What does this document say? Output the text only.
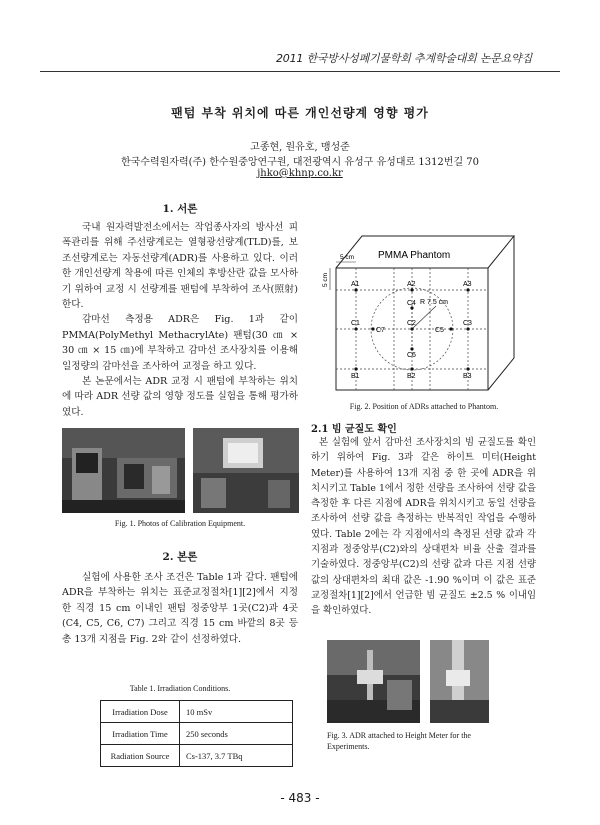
2011 한국방사성폐기물학회 추계학술대회 논문요약집
팬텀 부착 위치에 따른 개인선량계 영향 평가
고종현, 원유호, 맹성준
한국수력원자력(주) 한수원중앙연구원, 대전광역시 유성구 유성대로 1312번길 70
jhko@khnp.co.kr
1. 서론
국내 원자력발전소에서는 작업종사자의 방사선 피폭관리를 위해 주선량계로는 열형광선량계(TLD)를, 보조선량계로는 자동선량계(ADR)를 사용하고 있다. 이러한 개인선량계 착용에 따른 인체의 후방산란 값을 모사하기 위하여 교정 시 선량계를 팬텀에 부착하여 조사(照射)한다.
감마선 측정용 ADR은 Fig. 1과 같이 PMMA(PolyMethyl MethacrylAte) 팬텀(30 ㎝ × 30 ㎝ × 15 ㎝)에 부착하고 감마선 조사장치를 이용해 일정량의 감마선을 조사하여 교정을 하고 있다.
본 논문에서는 ADR 교정 시 팬텀에 부착하는 위치에 따라 ADR 선량 값의 영향 정도를 실험을 통해 평가하였다.
Fig. 1. Photos of Calibration Equipment.
2. 본론
실험에 사용한 조사 조건은 Table 1과 같다. 팬텀에 ADR을 부착하는 위치는 표준교정절차[1][2]에서 지정한 직경 15 cm 이내인 팬텀 정중앙부 1곳(C2)과 4곳(C4, C5, C6, C7) 그리고 직경 15 cm 바깥의 8곳 등 총 13개 지점을 Fig. 2와 같이 선정하였다.
Table 1. Irradiation Conditions.
Irradiation Dose	10 mSv
Irradiation Time	250 seconds
Radiation Source	Cs-137, 3.7 TBq
PMMA Phantom
5 cm
5 cm
R 7.5 cm
A1	A2	A3
C4
C1
C7
C2
C5
C3
C6
B1	B2	B3
Fig. 2. Position of ADRs attached to Phantom.
2.1 빔 균질도 확인
본 실험에 앞서 감마선 조사장치의 빔 균질도를 확인하기 위하여 Fig. 3과 같은 하이트 미터(Height Meter)를 사용하여 13개 지점 중 한 곳에 ADR을 위치시키고 Table 1에서 정한 선량을 조사하여 선량 값을 측정한 후 다른 지점에 ADR을 위치시키고 동일 선량을 조사하여 선량 값을 측정하는 반복적인 작업을 수행하였다. Table 2에는 각 지점에서의 측정된 선량 값과 각 지점과 정중앙부(C2)와의 상대편차 비율 산출 결과를 기술하였다. 정중앙부(C2)의 선량 값과 다른 지점 선량 값의 상대편차의 최대 값은 -1.90 %이며 이 값은 표준교정절차[1][2]에서 언급한 빔 균질도 ±2.5 % 이내임을 확인하였다.
Fig. 3. ADR attached to Height Meter for the Experiments.
- 483 -
